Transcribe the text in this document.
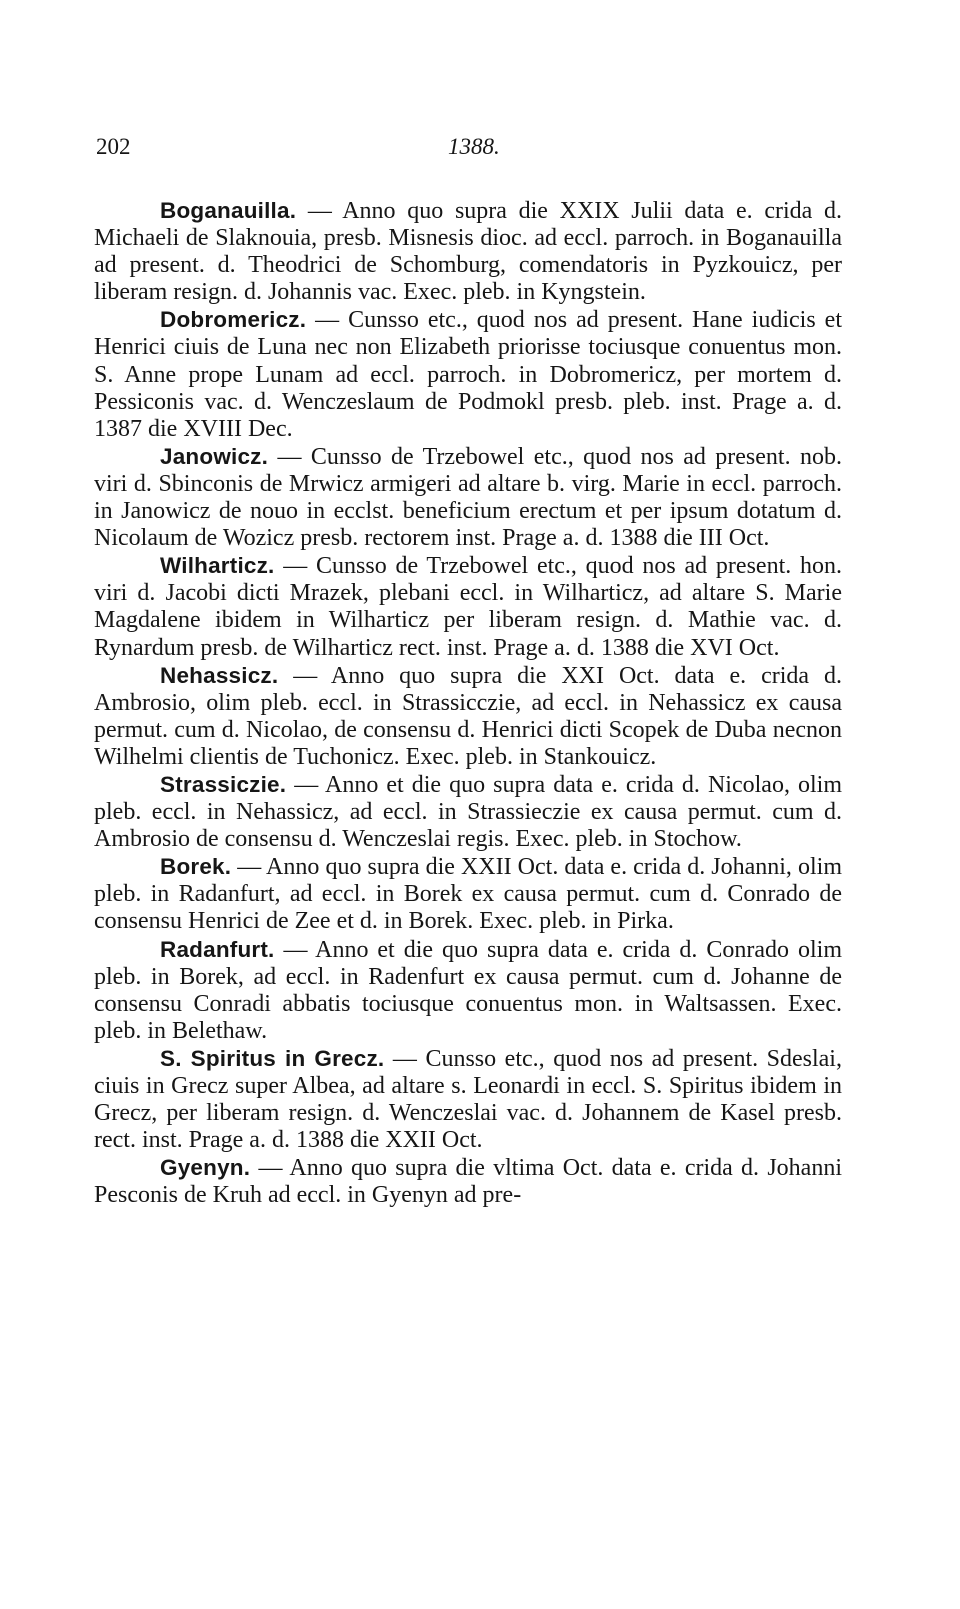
202	1388.

Boganauilla. — Anno quo supra die XXIX Julii data e. crida d. Michaeli de Slaknouia, presb. Misnesis dioc. ad eccl. parroch. in Boganauilla ad present. d. Theodrici de Schomburg, comendatoris in Pyzkouicz, per liberam resign. d. Johannis vac. Exec. pleb. in Kyngstein.

Dobromericz. — Cunsso etc., quod nos ad present. Hane iudicis et Henrici ciuis de Luna nec non Elizabeth priorisse tociusque conuentus mon. S. Anne prope Lunam ad eccl. parroch. in Dobromericz, per mortem d. Pessiconis vac. d. Wenczeslaum de Podmokl presb. pleb. inst. Prage a. d. 1387 die XVIII Dec.

Janowicz. — Cunsso de Trzebowel etc., quod nos ad present. nob. viri d. Sbinconis de Mrwicz armigeri ad altare b. virg. Marie in eccl. parroch. in Janowicz de nouo in ecclst. beneficium erectum et per ipsum dotatum d. Nicolaum de Wozicz presb. rectorem inst. Prage a. d. 1388 die III Oct.

Wilharticz. — Cunsso de Trzebowel etc., quod nos ad present. hon. viri d. Jacobi dicti Mrazek, plebani eccl. in Wilharticz, ad altare S. Marie Magdalene ibidem in Wilharticz per liberam resign. d. Mathie vac. d. Rynardum presb. de Wilharticz rect. inst. Prage a. d. 1388 die XVI Oct.

Nehassicz. — Anno quo supra die XXI Oct. data e. crida d. Ambrosio, olim pleb. eccl. in Strassicczie, ad eccl. in Nehassicz ex causa permut. cum d. Nicolao, de consensu d. Henrici dicti Scopek de Duba necnon Wilhelmi clientis de Tuchonicz. Exec. pleb. in Stankouicz.

Strassiczie. — Anno et die quo supra data e. crida d. Nicolao, olim pleb. eccl. in Nehassicz, ad eccl. in Strassieczie ex causa permut. cum d. Ambrosio de consensu d. Wenczeslai regis. Exec. pleb. in Stochow.

Borek. — Anno quo supra die XXII Oct. data e. crida d. Johanni, olim pleb. in Radanfurt, ad eccl. in Borek ex causa permut. cum d. Conrado de consensu Henrici de Zee et d. in Borek. Exec. pleb. in Pirka.

Radanfurt. — Anno et die quo supra data e. crida d. Conrado olim pleb. in Borek, ad eccl. in Radenfurt ex causa permut. cum d. Johanne de consensu Conradi abbatis tociusque conuentus mon. in Waltsassen. Exec. pleb. in Belethaw.

S. Spiritus in Grecz. — Cunsso etc., quod nos ad present. Sdeslai, ciuis in Grecz super Albea, ad altare s. Leonardi in eccl. S. Spiritus ibidem in Grecz, per liberam resign. d. Wenczeslai vac. d. Johannem de Kasel presb. rect. inst. Prage a. d. 1388 die XXII Oct.

Gyenyn. — Anno quo supra die vltima Oct. data e. crida d. Johanni Pesconis de Kruh ad eccl. in Gyenyn ad pre-
